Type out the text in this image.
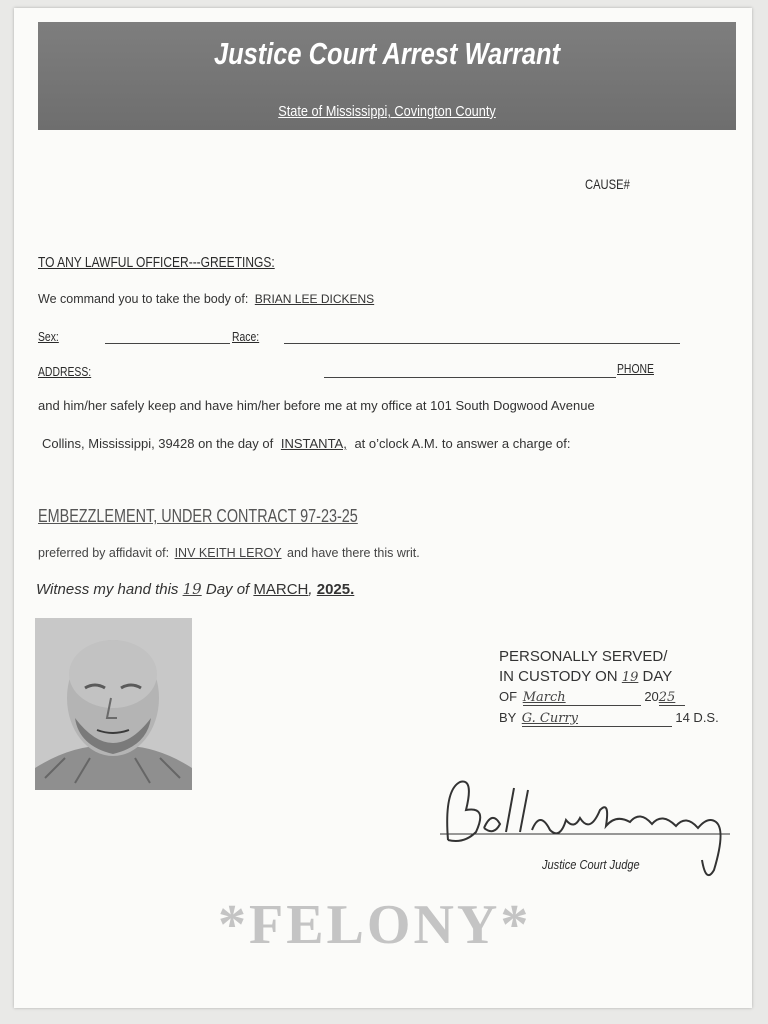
Justice Court Arrest Warrant
State of Mississippi, Covington County
CAUSE#
TO ANY LAWFUL OFFICER---GREETINGS:
We command you to take the body of: BRIAN LEE DICKENS
Sex:	Race:
ADDRESS:	PHONE
and him/her safely keep and have him/her before me at my office at 101 South Dogwood Avenue
Collins, Mississippi, 39428 on the day of INSTANTA, at o’clock A.M. to answer a charge of:
EMBEZZLEMENT, UNDER CONTRACT 97-23-25
preferred by affidavit of: INV KEITH LEROY and have there this writ.
Witness my hand this 19 Day of MARCH, 2025.
PERSONALLY SERVED/
IN CUSTODY ON 19 DAY
OF March	2025
BY G. Curry	14 D.S.
Justice Court Judge
*FELONY*
